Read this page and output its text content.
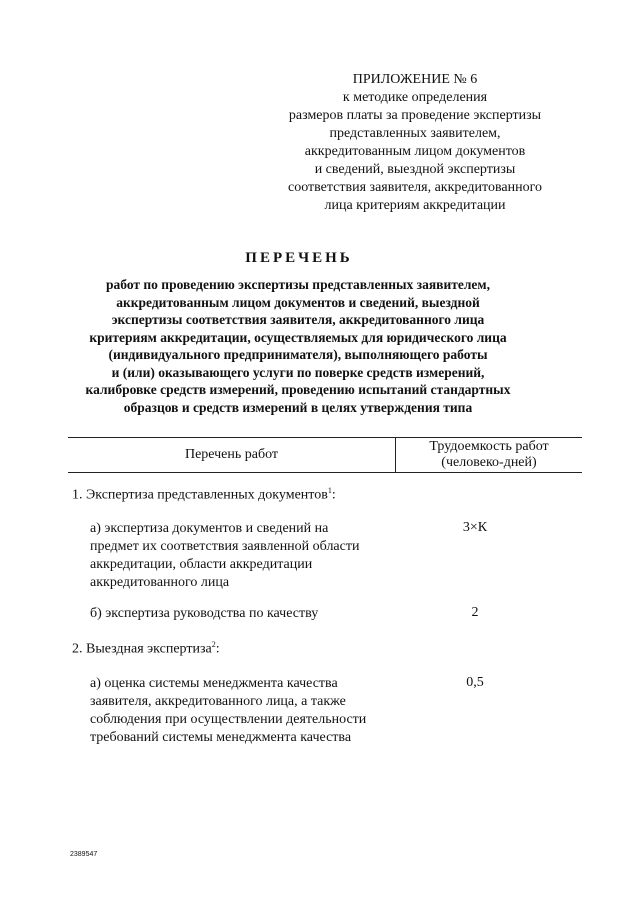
ПРИЛОЖЕНИЕ № 6
к методике определения
размеров платы за проведение экспертизы
представленных заявителем,
аккредитованным лицом документов
и сведений, выездной экспертизы
соответствия заявителя, аккредитованного
лица критериям аккредитации
ПЕРЕЧЕНЬ
работ по проведению экспертизы представленных заявителем,
аккредитованным лицом документов и сведений, выездной
экспертизы соответствия заявителя, аккредитованного лица
критериям аккредитации, осуществляемых для юридического лица
(индивидуального предпринимателя), выполняющего работы
и (или) оказывающего услуги по поверке средств измерений,
калибровке средств измерений, проведению испытаний стандартных
образцов и средств измерений в целях утверждения типа
Перечень работ
Трудоемкость работ
(человеко-дней)
1. Экспертиза представленных документов$^1$:
а) экспертиза документов и сведений на
предмет их соответствия заявленной области
аккредитации, области аккредитации
аккредитованного лица
3×К
б) экспертиза руководства по качеству	2
2. Выездная экспертиза$^2$:
а) оценка системы менеджмента качества
заявителя, аккредитованного лица, а также
соблюдения при осуществлении деятельности
требований системы менеджмента качества
0,5
2389547
